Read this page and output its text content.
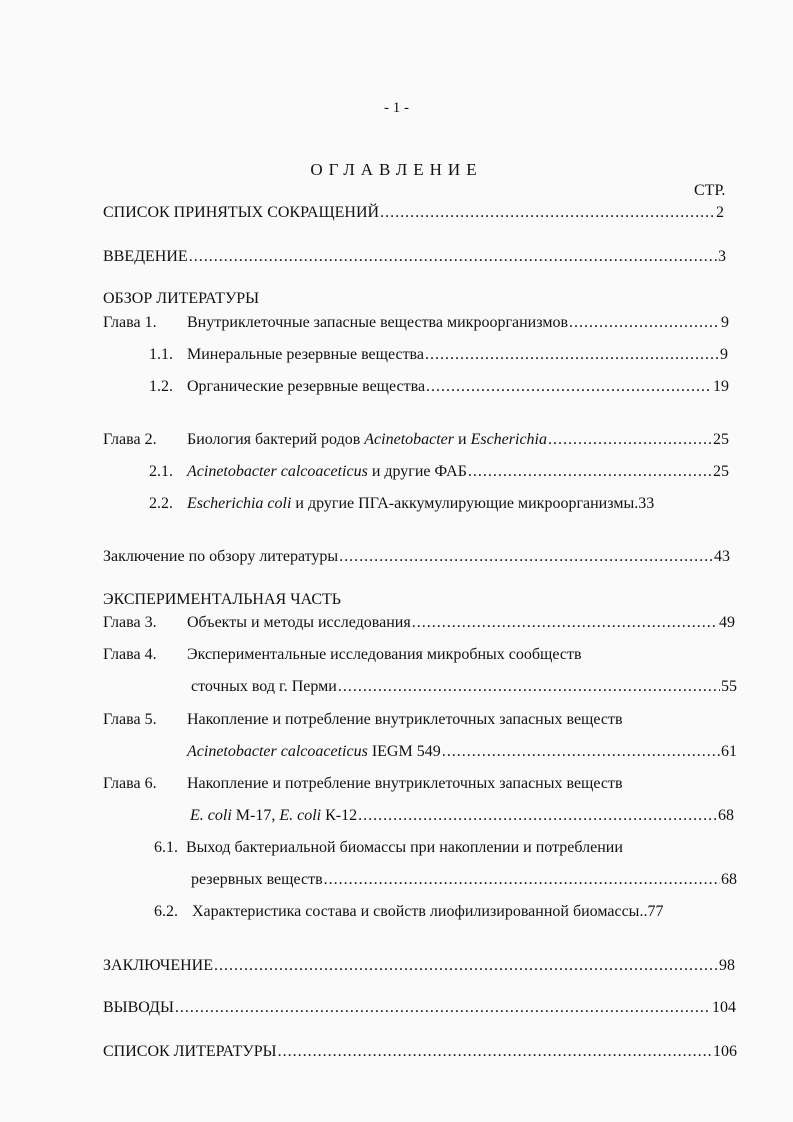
- 1 -
ОГЛАВЛЕНИЕ
СТР.
СПИСОК ПРИНЯТЫХ СОКРАЩЕНИЙ .....	2
ВВЕДЕНИЕ .....	3
ОБЗОР ЛИТЕРАТУРЫ
Глава 1.	Внутриклеточные запасные вещества микроорганизмов .....	9
1.1. Минеральные резервные вещества .....	9
1.2. Органические резервные вещества .....	19
Глава 2.	Биология бактерий родов Acinetobacter и Escherichia .....	25
2.1. Acinetobacter calcoaceticus и другие ФАБ .....	25
2.2. Escherichia coli и другие ПГА-аккумулирующие микроорганизмы.33
Заключение по обзору литературы .....	43
ЭКСПЕРИМЕНТАЛЬНАЯ ЧАСТЬ
Глава 3.	Объекты и методы исследования .....	49
Глава 4. Экспериментальные исследования микробных сообществ
сточных вод г. Перми .....	55
Глава 5. Накопление и потребление внутриклеточных запасных веществ
Acinetobacter calcoaceticus IEGM 549 .....	61
Глава 6. Накопление и потребление внутриклеточных запасных веществ
E. coli М-17, E. coli К-12 .....	68
6.1. Выход бактериальной биомассы при накоплении и потреблении
резервных веществ .....	68
6.2. Характеристика состава и свойств лиофилизированной биомассы..77
ЗАКЛЮЧЕНИЕ .....	98
ВЫВОДЫ .....	104
СПИСОК ЛИТЕРАТУРЫ .....	106
